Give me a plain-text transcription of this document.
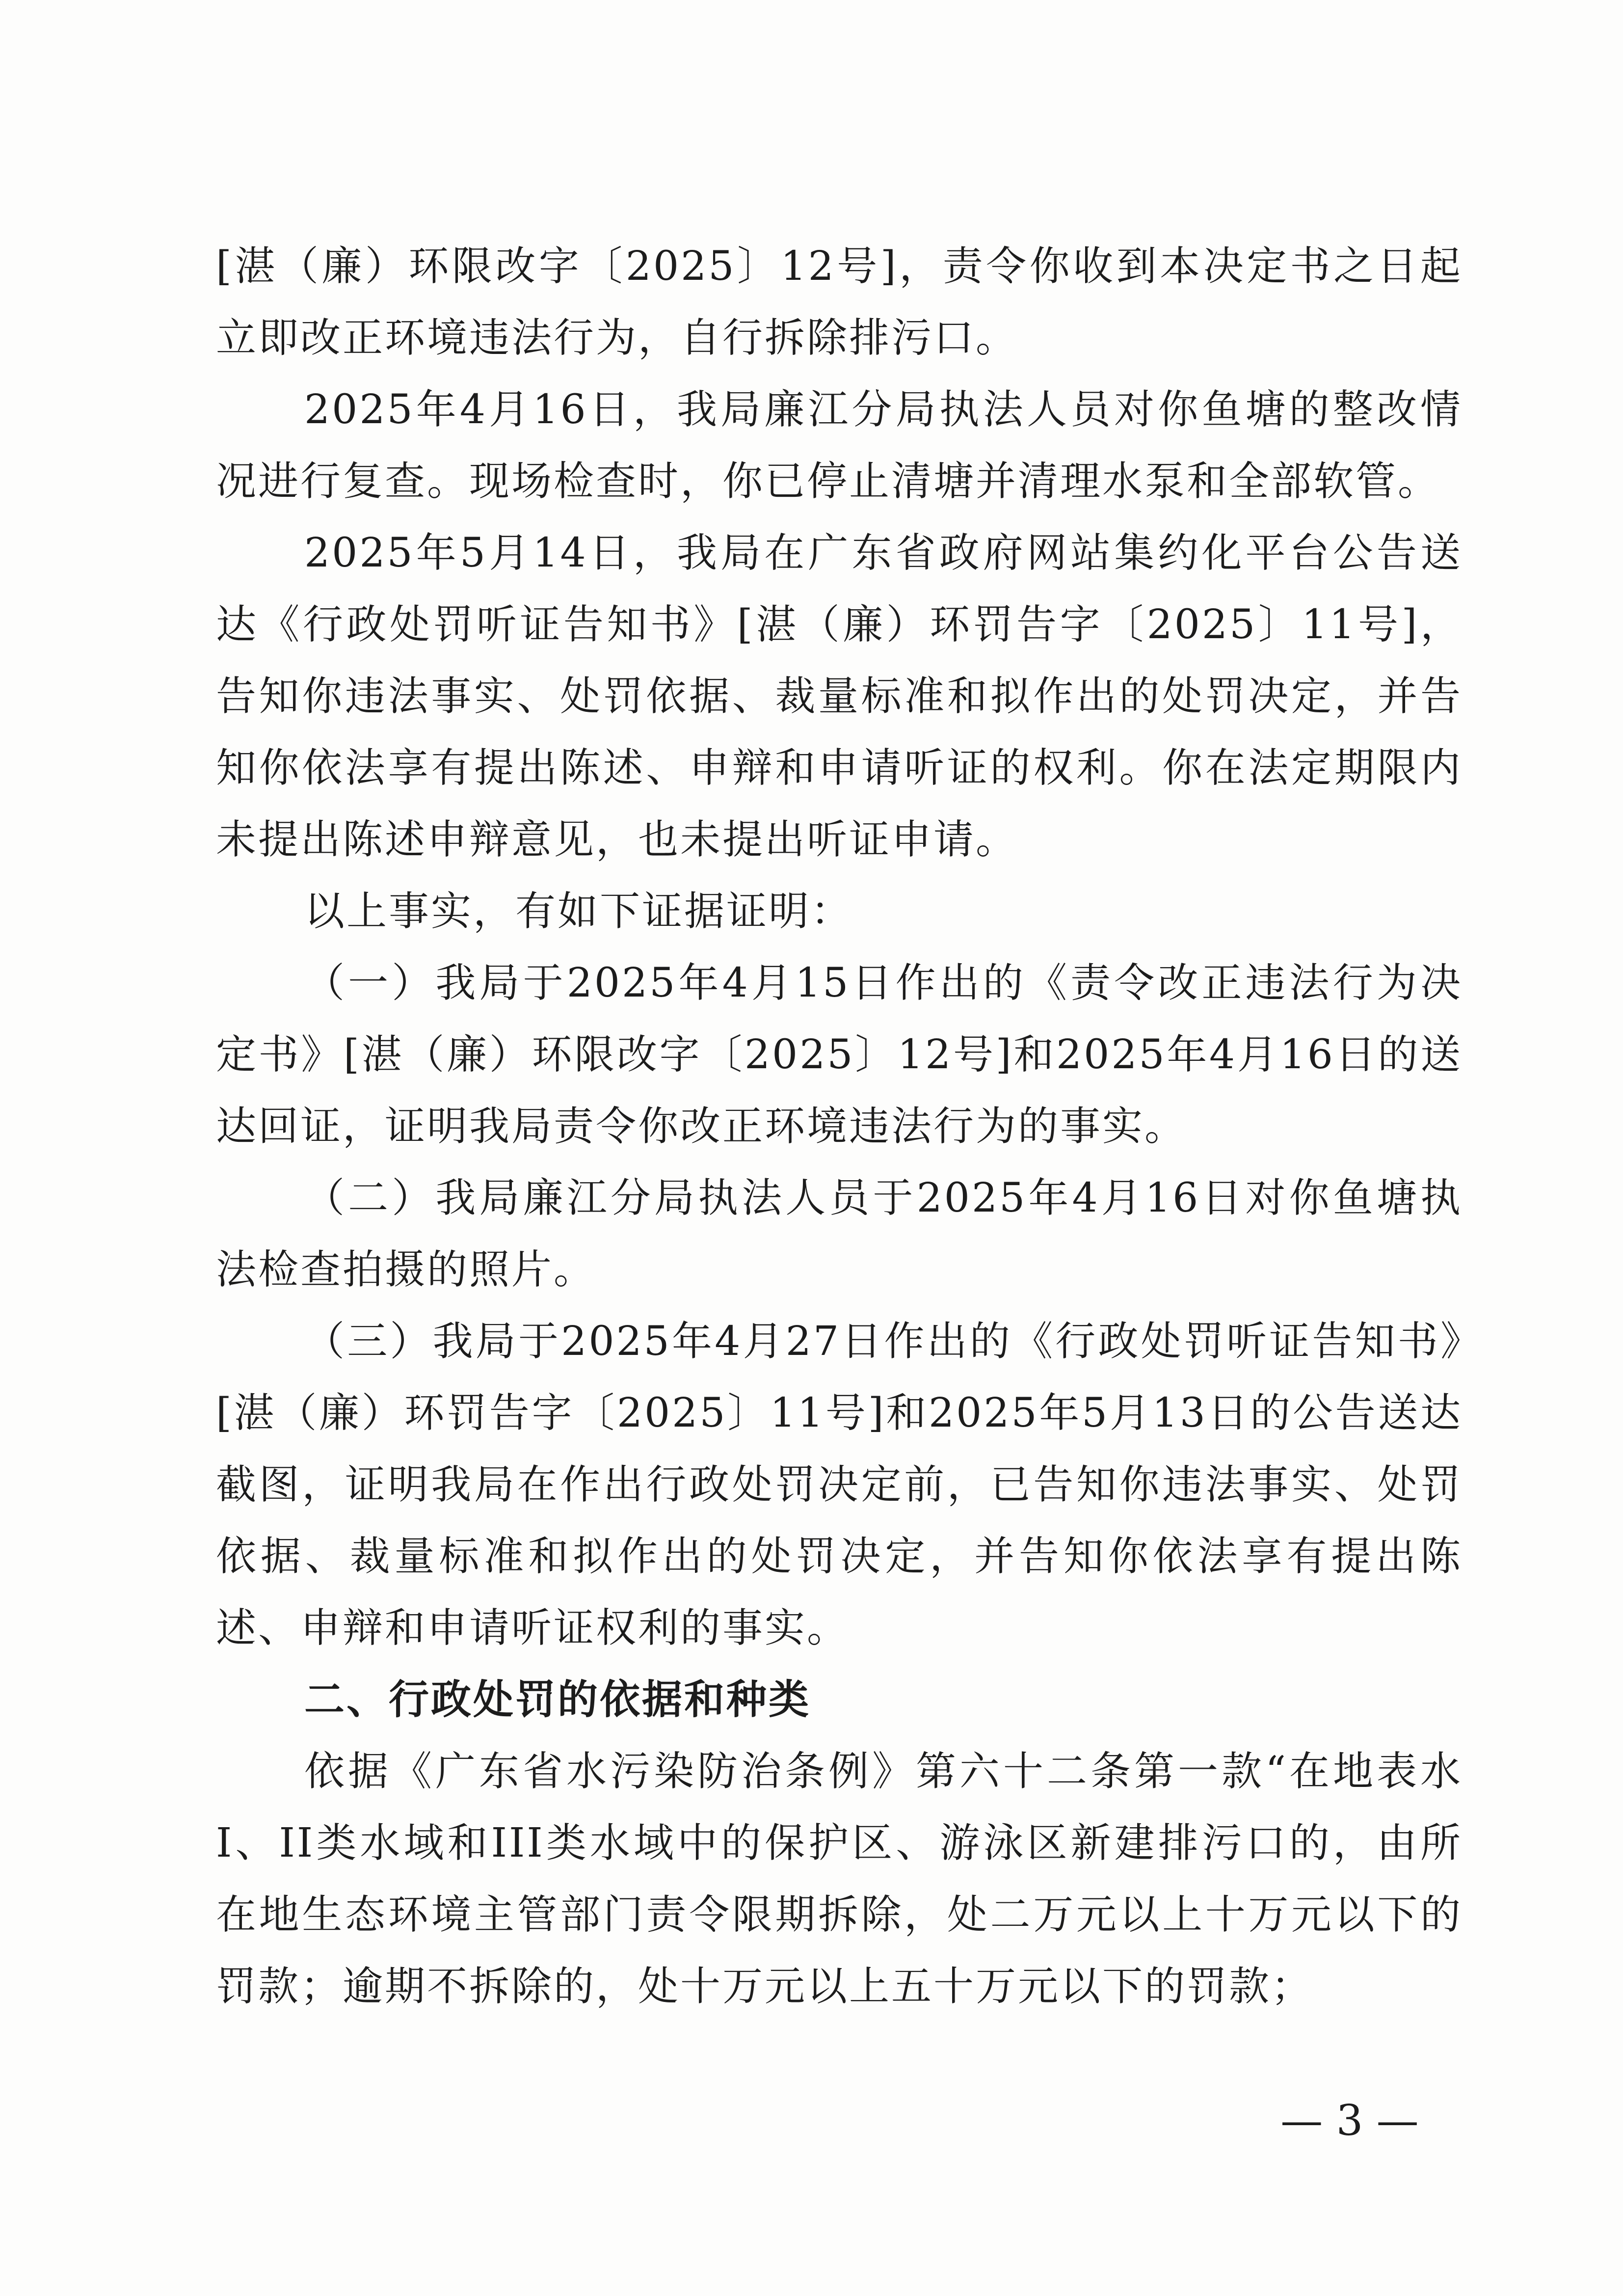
[湛（廉）环限改字〔2025〕12号]，责令你收到本决定书之日起立即改正环境违法行为，自行拆除排污口。

2025年4月16日，我局廉江分局执法人员对你鱼塘的整改情况进行复查。现场检查时，你已停止清塘并清理水泵和全部软管。

2025年5月14日，我局在广东省政府网站集约化平台公告送达《行政处罚听证告知书》[湛（廉）环罚告字〔2025〕11号]，告知你违法事实、处罚依据、裁量标准和拟作出的处罚决定，并告知你依法享有提出陈述、申辩和申请听证的权利。你在法定期限内未提出陈述申辩意见，也未提出听证申请。

以上事实，有如下证据证明：

（一）我局于2025年4月15日作出的《责令改正违法行为决定书》[湛（廉）环限改字〔2025〕12号]和2025年4月16日的送达回证，证明我局责令你改正环境违法行为的事实。

（二）我局廉江分局执法人员于2025年4月16日对你鱼塘执法检查拍摄的照片。

（三）我局于2025年4月27日作出的《行政处罚听证告知书》[湛（廉）环罚告字〔2025〕11号]和2025年5月13日的公告送达截图，证明我局在作出行政处罚决定前，已告知你违法事实、处罚依据、裁量标准和拟作出的处罚决定，并告知你依法享有提出陈述、申辩和申请听证权利的事实。

二、行政处罚的依据和种类

依据《广东省水污染防治条例》第六十二条第一款“在地表水I、II类水域和III类水域中的保护区、游泳区新建排污口的，由所在地生态环境主管部门责令限期拆除，处二万元以上十万元以下的罚款；逾期不拆除的，处十万元以上五十万元以下的罚款；

— 3 —
